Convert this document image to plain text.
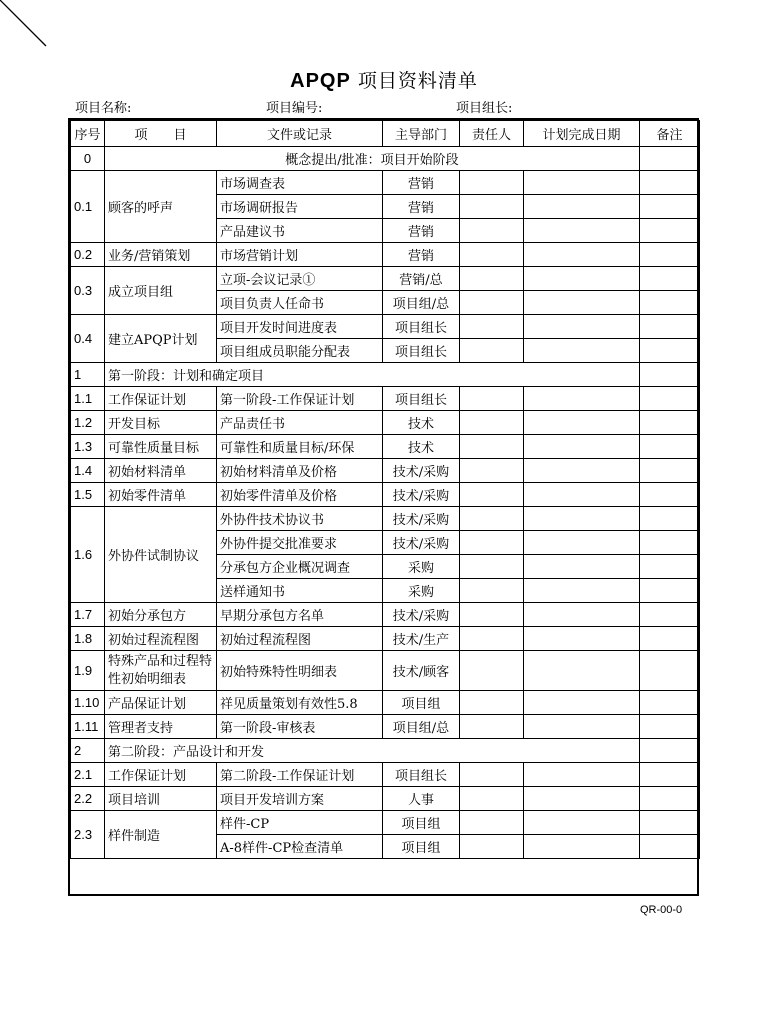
APQP 项目资料清单
项目名称:	项目编号:	项目组长:
序号	项　　目	文件或记录	主导部门	责任人	计划完成日期	备注
0	概念提出/批准：项目开始阶段					
0.1	顾客的呼声	市场调查表	营销			
		市场调研报告	营销			
		产品建议书	营销			
0.2	业务/营销策划	市场营销计划	营销			
0.3	成立项目组	立项-会议记录①	营销/总			
		项目负责人任命书	项目组/总			
0.4	建立APQP计划	项目开发时间进度表	项目组长			
		项目组成员职能分配表	项目组长			
1	第一阶段：计划和确定项目					
1.1	工作保证计划	第一阶段-工作保证计划	项目组长			
1.2	开发目标	产品责任书	技术			
1.3	可靠性质量目标	可靠性和质量目标/环保	技术			
1.4	初始材料清单	初始材料清单及价格	技术/采购			
1.5	初始零件清单	初始零件清单及价格	技术/采购			
1.6	外协件试制协议	外协件技术协议书	技术/采购			
		外协件提交批准要求	技术/采购			
		分承包方企业概况调查	采购			
		送样通知书	采购			
1.7	初始分承包方	早期分承包方名单	技术/采购			
1.8	初始过程流程图	初始过程流程图	技术/生产			
1.9	特殊产品和过程特性初始明细表	初始特殊特性明细表	技术/顾客			
1.10	产品保证计划	祥见质量策划有效性5.8	项目组			
1.11	管理者支持	第一阶段-审核表	项目组/总			
2	第二阶段：产品设计和开发					
2.1	工作保证计划	第二阶段-工作保证计划	项目组长			
2.2	项目培训	项目开发培训方案	人事			
2.3	样件制造	样件-CP	项目组			
		A-8样件-CP检查清单	项目组			
QR-00-0
